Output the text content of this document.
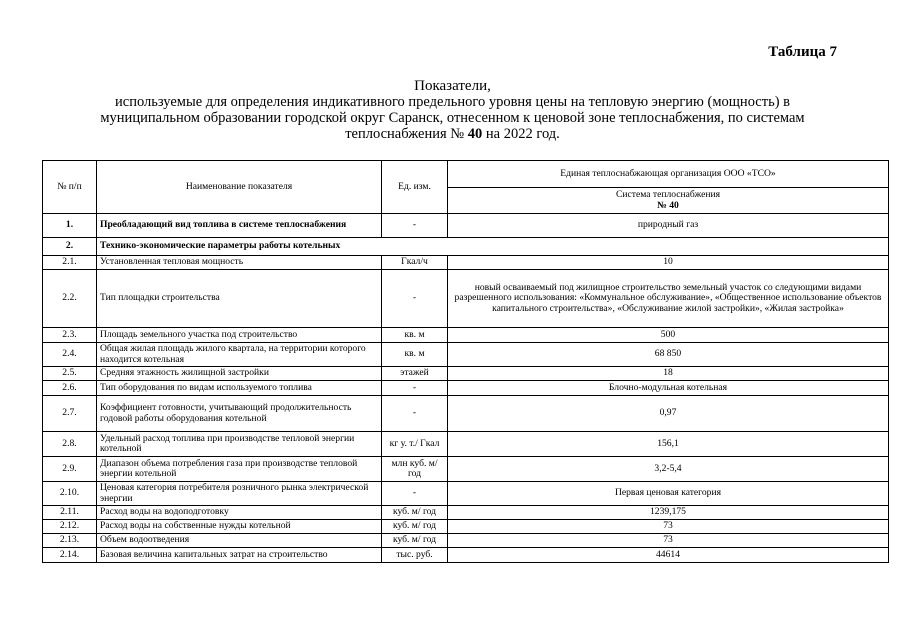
Таблица 7
Показатели,
используемые для определения индикативного предельного уровня цены на тепловую энергию (мощность) в
муниципальном образовании городской округ Саранск, отнесенном к ценовой зоне теплоснабжения, по системам
теплоснабжения № 40 на 2022 год.
№ п/п	Наименование показателя	Ед. изм.	Единая теплоснабжающая организация ООО «ТСО»

			Система теплоснабжения
№ 40

1.	Преобладающий вид топлива в системе теплоснабжения	-	природный газ
2.	Технико-экономические параметры работы котельных		
2.1.	Установленная тепловая мощность	Гкал/ч	10
2.2.	Тип площадки строительства	-	новый осваиваемый под жилищное строительство земельный участок со следующими видами разрешенного использования: «Коммунальное обслуживание», «Общественное использование объектов капитального строительства», «Обслуживание жилой застройки», «Жилая застройка»
2.3.	Площадь земельного участка под строительство	кв. м	500
2.4.	Общая жилая площадь жилого квартала, на территории которого находится котельная	кв. м	68 850
2.5.	Средняя этажность жилищной застройки	этажей	18
2.6.	Тип оборудования по видам используемого топлива	-	Блочно-модульная котельная
2.7.	Коэффициент готовности, учитывающий продолжительность годовой работы оборудования котельной	-	0,97
2.8.	Удельный расход топлива при производстве тепловой энергии котельной	кг у. т./ Гкал	156,1
2.9.	Диапазон объема потребления газа при производстве тепловой энергии котельной	млн куб. м/год	3,2-5,4
2.10.	Ценовая категория потребителя розничного рынка электрической энергии	-	Первая ценовая категория
2.11.	Расход воды на водоподготовку	куб. м/ год	1239,175
2.12.	Расход воды на собственные нужды котельной	куб. м/ год	73
2.13.	Объем водоотведения	куб. м/ год	73
2.14.	Базовая величина капитальных затрат на строительство	тыс. руб.	44614
